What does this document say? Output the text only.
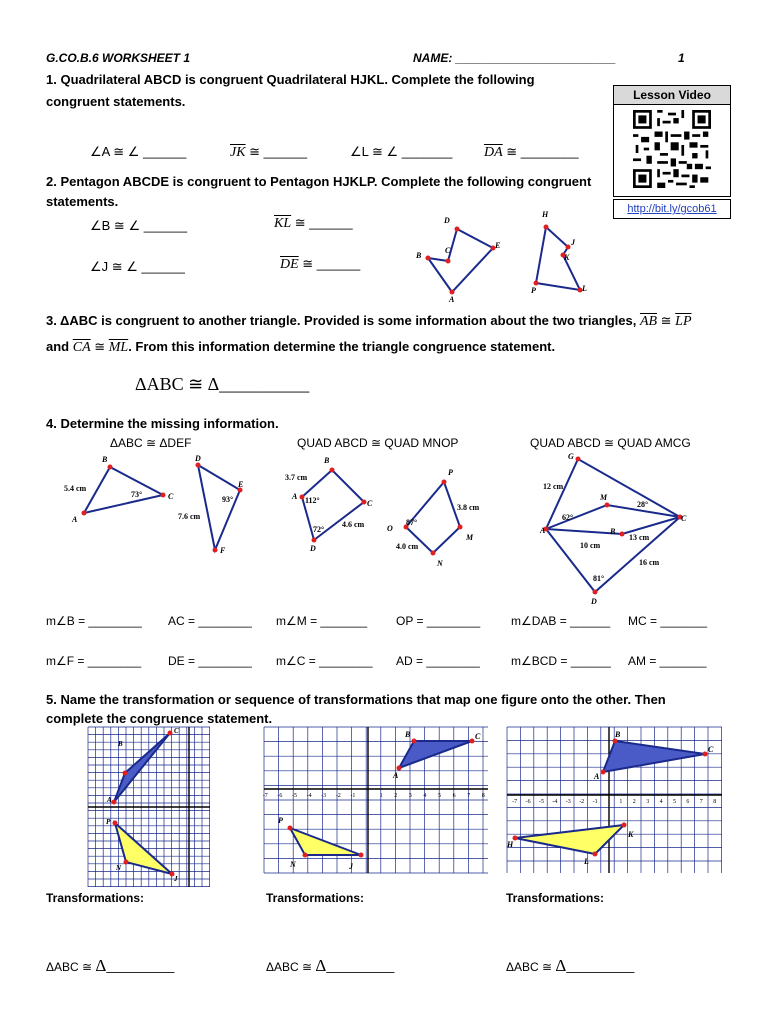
G.CO.B.6 WORKSHEET 1	NAME: ________________________	1
Lesson Video
http://bit.ly/gcob61
1. Quadrilateral ABCD is congruent Quadrilateral HJKL. Complete the following
congruent statements.
∠A ≅ ∠ ______	$\overline{JK}$ ≅ ______	∠L ≅ ∠ _______ $\overline{DA}$ ≅ ________
2. Pentagon ABCDE is congruent to Pentagon HJKLP. Complete the following congruent
statements.
∠B ≅ ∠ ______	$\overline{KL}$ ≅ ______
∠J ≅ ∠ ______	$\overline{DE}$ ≅ ______
D
C
B
E
A
H
J
K
P	L
3. ΔABC is congruent to another triangle. Provided is some information about the two triangles, $\overline{AB}$ ≅ $\overline{LP}$
and $\overline{CA}$ ≅ $\overline{ML}$. From this information determine the triangle congruence statement.
ΔABC ≅ Δ__________
4. Determine the missing information.
ΔABC ≅ ΔDEF	QUAD ABCD ≅ QUAD MNOP	QUAD ABCD ≅ QUAD AMCG
B
C
A
5.4 cm
73°
D
E
F
93°
7.6 cm
B
A
C
D
3.7 cm
112°
72°
4.6 cm
P
M
N
O
3.8 cm
87°
4.0 cm
G
M
A	B
C
D
12 cm
28°
62°
10 cm
13 cm
16 cm
81°
m∠B = ________ AC = ________ m∠M = _______ OP = ________	m∠DAB = ______ MC = _______
m∠F = ________ DE = ________ m∠C = ________ AD = ________	m∠BCD = ______ AM = _______
5. Name the transformation or sequence of transformations that map one figure onto the other. Then
complete the congruence statement.
B
C
A
P
N
J
-7 -6 -5 -4 -3 -2 -1	1 2 3 4 5 6 7 8
B	C
A
P
N	J
-7 -6 -5 -4 -3 -2 -1	1 2 3 4 5 6 7 8
B
C
A
H
K
L
Transformations:	Transformations:	Transformations:
ΔABC ≅ Δ________	ΔABC ≅ Δ________	ΔABC ≅ Δ________
